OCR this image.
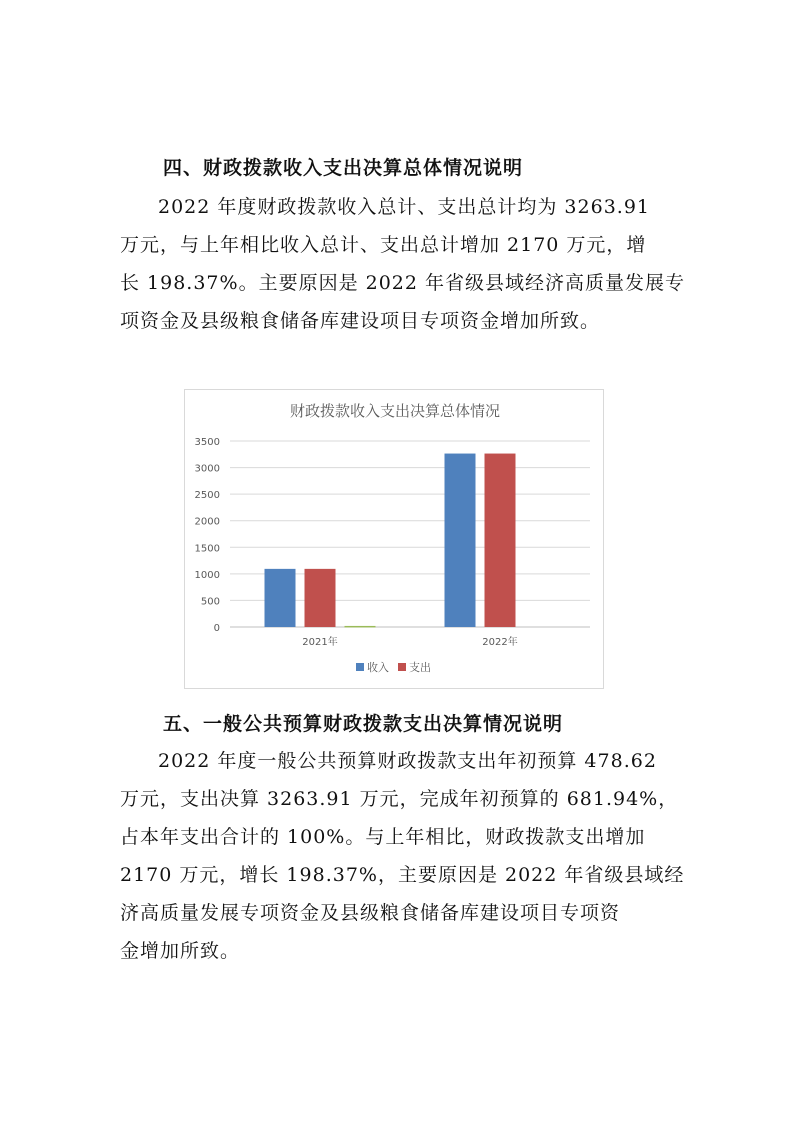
四、财政拨款收入支出决算总体情况说明
2022 年度财政拨款收入总计、支出总计均为 3263.91
万元，与上年相比收入总计、支出总计增加 2170 万元，增
长 198.37%。主要原因是 2022 年省级县域经济高质量发展专
项资金及县级粮食储备库建设项目专项资金增加所致。
财政拨款收入支出决算总体情况
0
500
1000
1500
2000
2500
3000
3500
2021年	2022年
收入 支出
五、一般公共预算财政拨款支出决算情况说明
2022 年度一般公共预算财政拨款支出年初预算 478.62
万元，支出决算 3263.91 万元，完成年初预算的 681.94%，
占本年支出合计的 100%。与上年相比，财政拨款支出增加
2170 万元，增长 198.37%，主要原因是 2022 年省级县域经
济高质量发展专项资金及县级粮食储备库建设项目专项资
金增加所致。
